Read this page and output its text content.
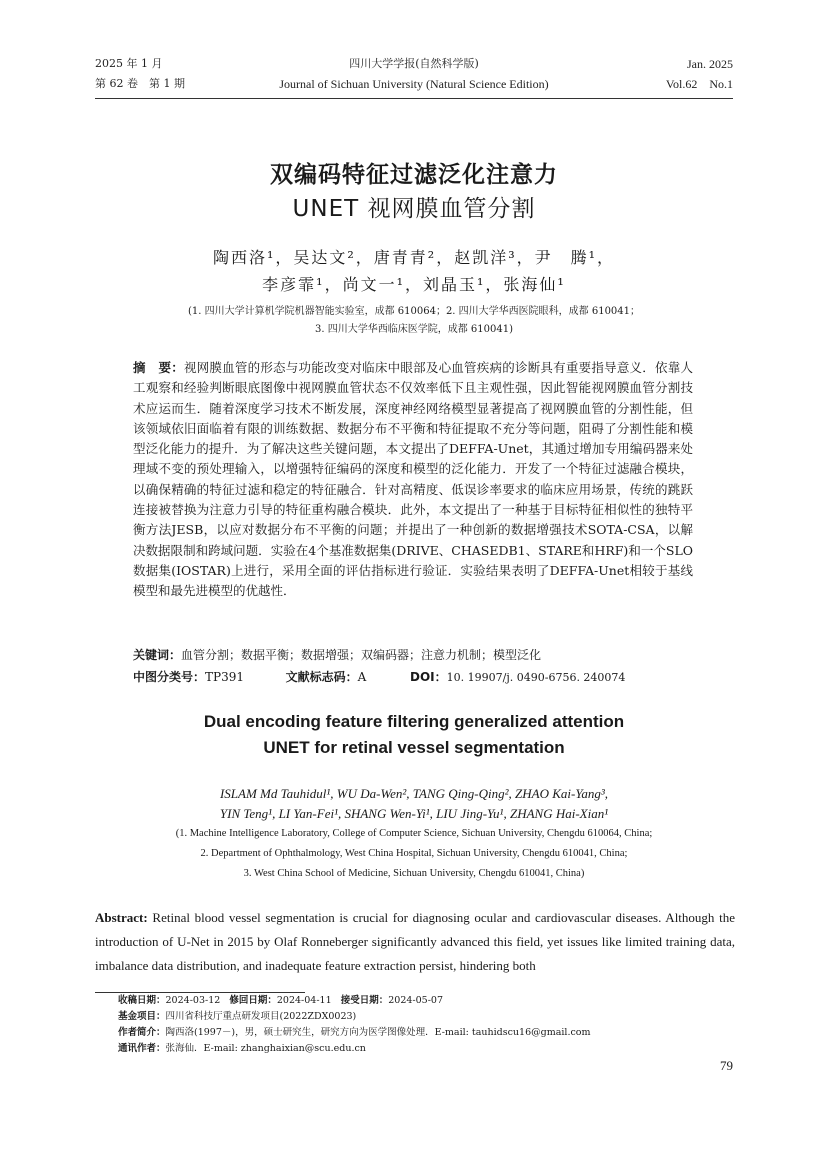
2025 年 1 月
第 62 卷　第 1 期
四川大学学报(自然科学版)
Journal of Sichuan University (Natural Science Edition)
Jan. 2025
Vol.62　No.1
双编码特征过滤泛化注意力
UNET 视网膜血管分割
陶西洛¹，吴达文²，唐青青²，赵凯洋³，尹　腾¹，
李彦霏¹，尚文一¹，刘晶玉¹，张海仙¹
(1. 四川大学计算机学院机器智能实验室，成都 610064；2. 四川大学华西医院眼科，成都 610041；
3. 四川大学华西临床医学院，成都 610041)
摘　要：视网膜血管的形态与功能改变对临床中眼部及心血管疾病的诊断具有重要指导意义．依靠人工观察和经验判断眼底图像中视网膜血管状态不仅效率低下且主观性强，因此智能视网膜血管分割技术应运而生．随着深度学习技术不断发展，深度神经网络模型显著提高了视网膜血管的分割性能，但该领域依旧面临着有限的训练数据、数据分布不平衡和特征提取不充分等问题，阻碍了分割性能和模型泛化能力的提升．为了解决这些关键问题，本文提出了DEFFA-Unet，其通过增加专用编码器来处理域不变的预处理输入，以增强特征编码的深度和模型的泛化能力．开发了一个特征过滤融合模块，以确保精确的特征过滤和稳定的特征融合．针对高精度、低误诊率要求的临床应用场景，传统的跳跃连接被替换为注意力引导的特征重构融合模块．此外，本文提出了一种基于目标特征相似性的独特平衡方法JESB，以应对数据分布不平衡的问题；并提出了一种创新的数据增强技术SOTA-CSA，以解决数据限制和跨域问题．实验在4个基准数据集(DRIVE、CHASEDB1、STARE和HRF)和一个SLO数据集(IOSTAR)上进行，采用全面的评估指标进行验证．实验结果表明了DEFFA-Unet相较于基线模型和最先进模型的优越性．
关键词：血管分割；数据平衡；数据增强；双编码器；注意力机制；模型泛化
中图分类号：TP391	文献标志码：A	DOI：10. 19907/j. 0490-6756. 240074
Dual encoding feature filtering generalized attention
UNET for retinal vessel segmentation
ISLAM Md Tauhidul¹, WU Da-Wen², TANG Qing-Qing², ZHAO Kai-Yang³,
YIN Teng¹, LI Yan-Fei¹, SHANG Wen-Yi¹, LIU Jing-Yu¹, ZHANG Hai-Xian¹
(1. Machine Intelligence Laboratory, College of Computer Science, Sichuan University, Chengdu 610064, China;
2. Department of Ophthalmology, West China Hospital, Sichuan University, Chengdu 610041, China;
3. West China School of Medicine, Sichuan University, Chengdu 610041, China)
Abstract: Retinal blood vessel segmentation is crucial for diagnosing ocular and cardiovascular diseases. Although the introduction of U-Net in 2015 by Olaf Ronneberger significantly advanced this field, yet issues like limited training data, imbalance data distribution, and inadequate feature extraction persist, hindering both
收稿日期：2024-03-12 修回日期：2024-04-11 接受日期：2024-05-07
基金项目：四川省科技厅重点研发项目(2022ZDX0023)
作者简介：陶西洛(1997－)，男，硕士研究生，研究方向为医学图像处理．E-mail: tauhidscu16@gmail.com
通讯作者：张海仙．E-mail: zhanghaixian@scu.edu.cn
79
